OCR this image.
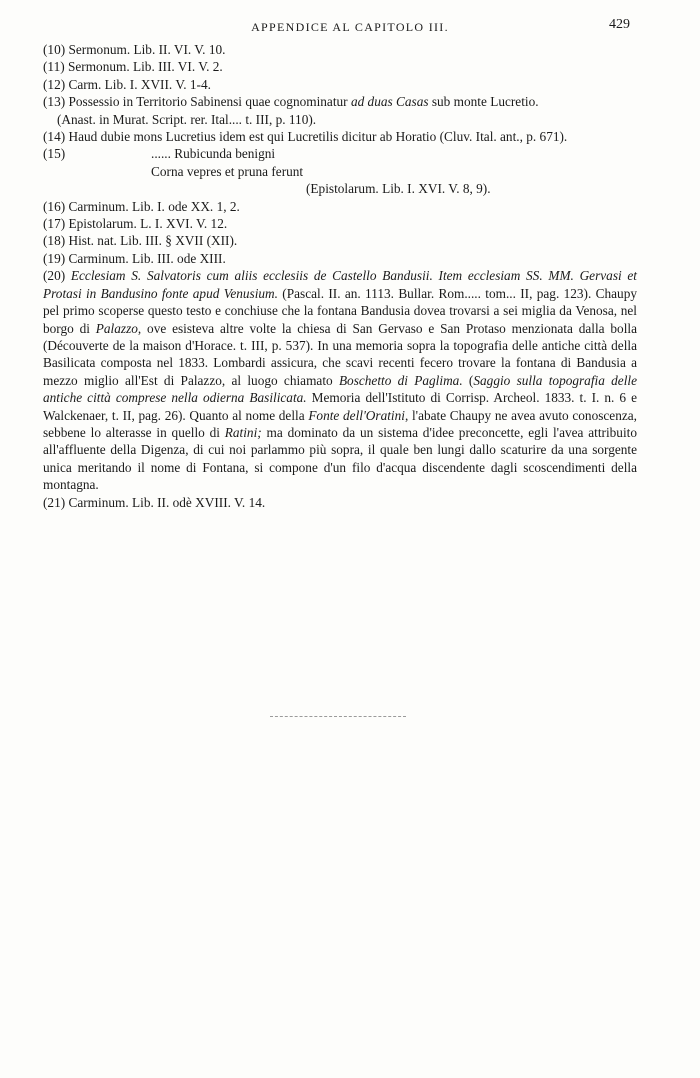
APPENDICE AL CAPITOLO III.	429

(10) Sermonum. Lib. II. VI. V. 10.

(11) Sermonum. Lib. III. VI. V. 2.

(12) Carm. Lib. I. XVII. V. 1-4.

(13) Possessio in Territorio Sabinensi quae cognominatur ad duas Casas sub monte Lucretio.

(Anast. in Murat. Script. rer. Ital.... t. III, p. 110).

(14) Haud dubie mons Lucretius idem est qui Lucretilis dicitur ab Horatio (Cluv. Ital. ant., p. 671).

(15)	...... Rubicunda benigni

Corna vepres et pruna ferunt

(Epistolarum. Lib. I. XVI. V. 8, 9).

(16) Carminum. Lib. I. ode XX. 1, 2.

(17) Epistolarum. L. I. XVI. V. 12.

(18) Hist. nat. Lib. III. § XVII (XII).

(19) Carminum. Lib. III. ode XIII.

(20) Ecclesiam S. Salvatoris cum aliis ecclesiis de Castello Bandusii. Item ecclesiam SS. MM. Gervasi et Protasi in Bandusino fonte apud Venusium. (Pascal. II. an. 1113. Bullar. Rom..... tom... II, pag. 123). Chaupy pel primo scoperse questo testo e conchiuse che la fontana Bandusia dovea trovarsi a sei miglia da Venosa, nel borgo di Palazzo, ove esisteva altre volte la chiesa di San Gervaso e San Protaso menzionata dalla bolla (Découverte de la maison d'Horace. t. III, p. 537). In una memoria sopra la topografia delle antiche città della Basilicata composta nel 1833. Lombardi assicura, che scavi recenti fecero trovare la fontana di Bandusia a mezzo miglio all'Est di Palazzo, al luogo chiamato Boschetto di Paglima. (Saggio sulla topografia delle antiche città comprese nella odierna Basilicata. Memoria dell'Istituto di Corrisp. Archeol. 1833. t. I. n. 6 e Walckenaer, t. II, pag. 26). Quanto al nome della Fonte dell'Oratini, l'abate Chaupy ne avea avuto conoscenza, sebbene lo alterasse in quello di Ratini; ma dominato da un sistema d'idee preconcette, egli l'avea attribuito all'affluente della Digenza, di cui noi parlammo più sopra, il quale ben lungi dallo scaturire da una sorgente unica meritando il nome di Fontana, si compone d'un filo d'acqua discendente dagli scoscendimenti della montagna.

(21) Carminum. Lib. II. odè XVIII. V. 14.
